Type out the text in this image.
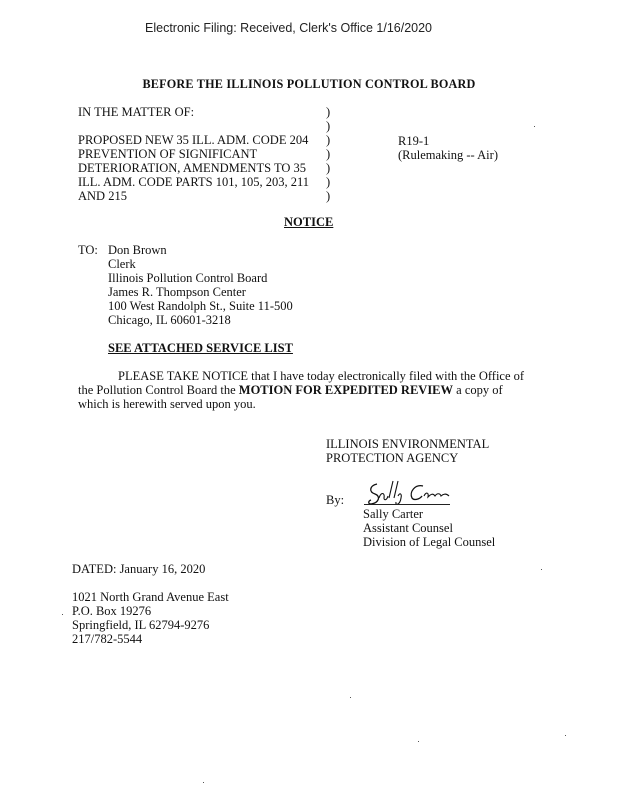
Electronic Filing: Received, Clerk's Office 1/16/2020
BEFORE THE ILLINOIS POLLUTION CONTROL BOARD
IN THE MATTER OF:
PROPOSED NEW 35 ILL. ADM. CODE 204
PREVENTION OF SIGNIFICANT
DETERIORATION, AMENDMENTS TO 35
ILL. ADM. CODE PARTS 101, 105, 203, 211
AND 215
)
)
)
)
)
)
)
R19-1
(Rulemaking -- Air)
NOTICE
TO: Don Brown
Clerk
Illinois Pollution Control Board
James R. Thompson Center
100 West Randolph St., Suite 11-500
Chicago, IL 60601-3218
SEE ATTACHED SERVICE LIST
PLEASE TAKE NOTICE that I have today electronically filed with the Office of the Pollution Control Board the MOTION FOR EXPEDITED REVIEW a copy of which is herewith served upon you.
ILLINOIS ENVIRONMENTAL
PROTECTION AGENCY
By:
Sally Carter
Assistant Counsel
Division of Legal Counsel
DATED: January 16, 2020
1021 North Grand Avenue East
P.O. Box 19276
Springfield, IL 62794-9276
217/782-5544
